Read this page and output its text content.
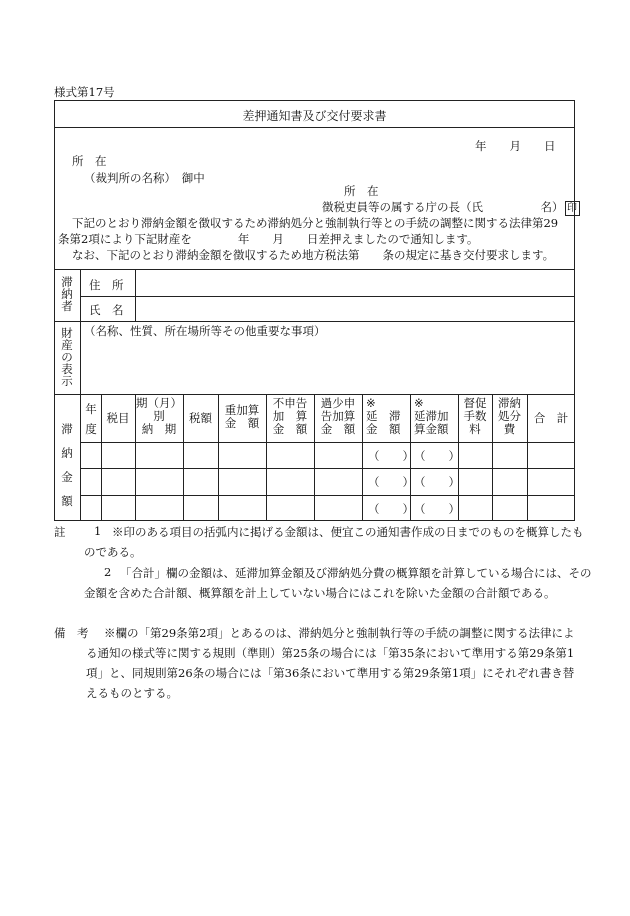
様式第17号
差押通知書及び交付要求書
年　　月　　日
所　在
（裁判所の名称）　御中
所　在
徴税吏員等の属する庁の長（氏　　　　　名） 印
下記のとおり滞納金額を徴収するため滞納処分と強制執行等との手続の調整に関する法律第29
条第2項により下記財産を　　　　年　　月　　日差押えましたので通知します。
なお、下記のとおり滞納金額を徴収するため地方税法第　　条の規定に基き交付要求します。
滞納者
住　所
氏　名
財産の表示
（名称、性質、所在場所等その他重要な事項）
滞納金額
年度
税目
期（月）
別
納　期
税額
重加算
金　額
不申告
加　算
金　額
過少申
告加算
金　額
※
延　滞
金　額
※
延滞加
算金額
督促
手数
料
滞納
処分
費
合　計
（　　） （　　）
（　　） （　　）
（　　） （　　）
註 1 ※印のある項目の括弧内に掲げる金額は、便宜この通知書作成の日までのものを概算したも
のである。
2 「合計」欄の金額は、延滞加算金額及び滞納処分費の概算額を計算している場合には、その
金額を含めた合計額、概算額を計上していない場合にはこれを除いた金額の合計額である。
備　考 ※欄の「第29条第2項」とあるのは、滞納処分と強制執行等の手続の調整に関する法律によ
る通知の様式等に関する規則（準則）第25条の場合には「第35条において準用する第29条第1
項」と、同規則第26条の場合には「第36条において準用する第29条第1項」にそれぞれ書き替
えるものとする。
